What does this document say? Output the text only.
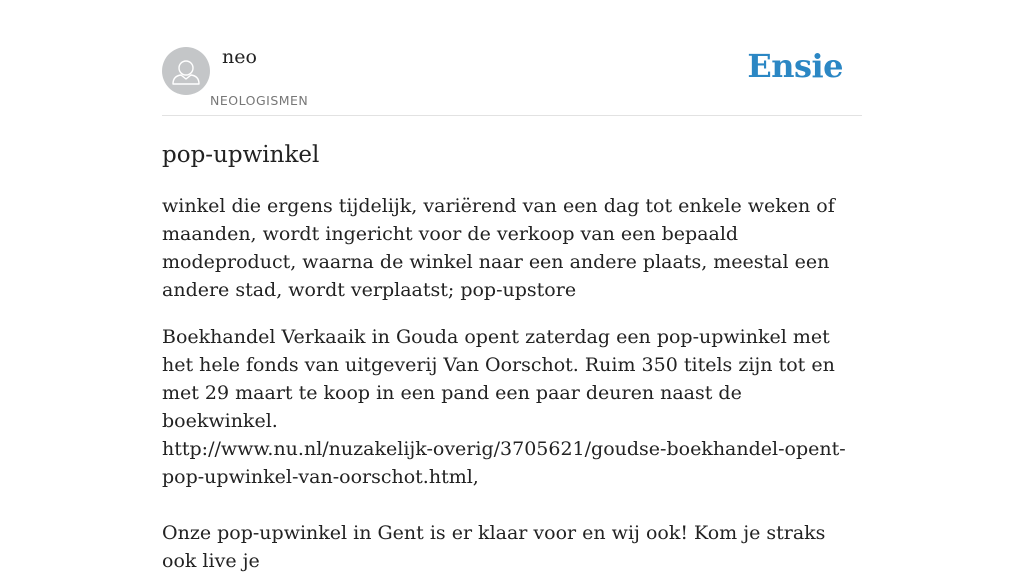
neo

NEOLOGISMEN
Ensie
pop-upwinkel

winkel die ergens tijdelijk, variërend van een dag tot enkele weken of maanden, wordt ingericht voor de verkoop van een bepaald modeproduct, waarna de winkel naar een andere plaats, meestal een andere stad, wordt verplaatst; pop-upstore

Boekhandel Verkaaik in Gouda opent zaterdag een pop-upwinkel met het hele fonds van uitgeverij Van Oorschot. Ruim 350 titels zijn tot en met 29 maart te koop in een pand een paar deuren naast de boekwinkel.
http://www.nu.nl/nuzakelijk-overig/3705621/goudse-boekhandel-opent-pop-upwinkel-van-oorschot.html,

Onze pop-upwinkel in Gent is er klaar voor en wij ook! Kom je straks ook live je
